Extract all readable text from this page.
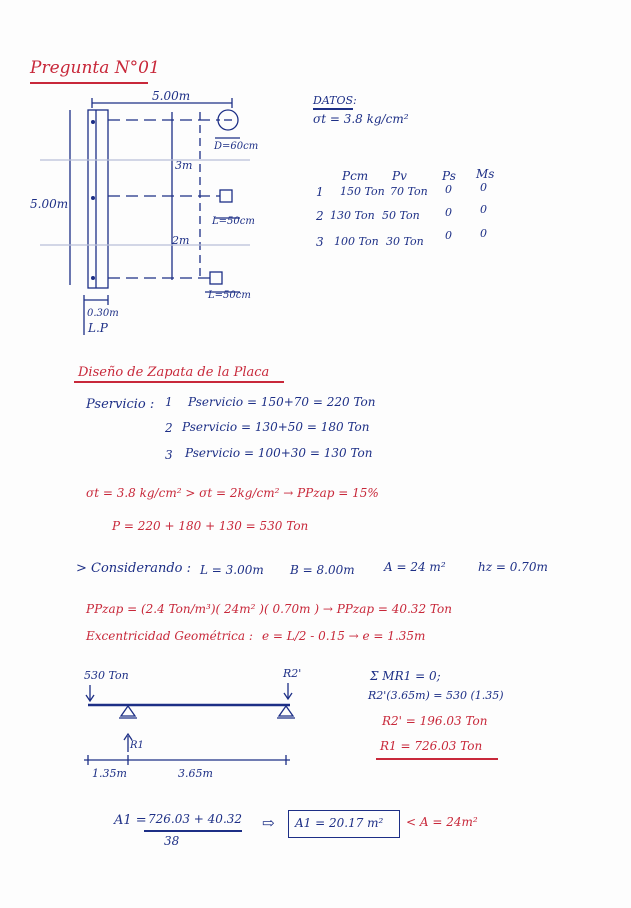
Pregunta N°01
5.00m
5.00m
3m
2m
D=60cm
L=50cm
L=50cm
0.30m
L.P
DATOS:
σt = 3.8 kg/cm²
Pcm Pv	Ps Ms
1 150 Ton 70 Ton 0	0
2 130 Ton 50 Ton 0	0
3 100 Ton 30 Ton 0	0
Diseño de Zapata de la Placa
Pservicio : 1 Pservicio = 150+70 = 220 Ton
2 Pservicio = 130+50 = 180 Ton
3 Pservicio = 100+30 = 130 Ton
σt = 3.8 kg/cm² > σt = 2kg/cm² → PPzap = 15%
P = 220 + 180 + 130 = 530 Ton
> Considerando : L = 3.00m B = 8.00m A = 24 m²	hz = 0.70m
PPzap = (2.4 Ton/m³)( 24m² )( 0.70m ) → PPzap = 40.32 Ton
Excentricidad Geométrica : e = L/2 - 0.15 → e = 1.35m
530 Ton	R2'
R1
1.35m	3.65m
Σ MR1 = 0;
R2'(3.65m) = 530 (1.35)
R2' = 196.03 Ton
R1 = 726.03 Ton
A1 = 726.03 + 40.32
38
⇨ A1 = 20.17 m² < A = 24m²
